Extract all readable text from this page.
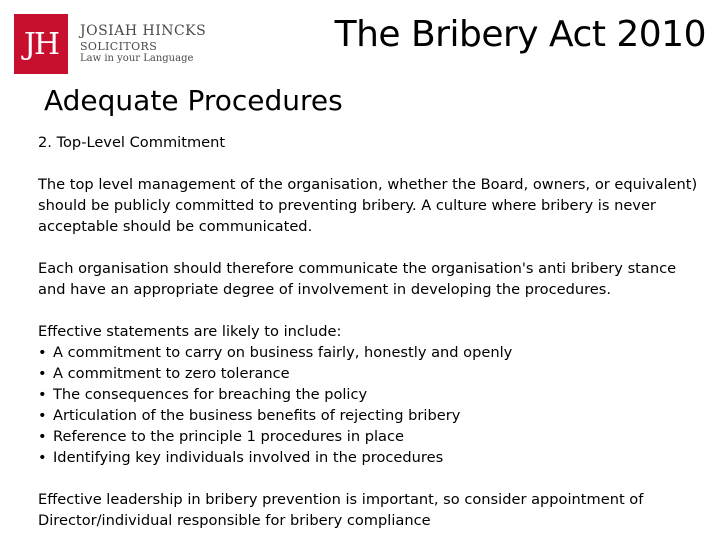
JH	JOSIAH HINCKS
SOLICITORS
Law in your Language
The Bribery Act 2010
Adequate Procedures

2. Top-Level Commitment

The top level management of the organisation, whether the Board, owners, or equivalent) should be publicly committed to preventing bribery. A culture where bribery is never acceptable should be communicated.

Each organisation should therefore communicate the organisation's anti bribery stance and have an appropriate degree of involvement in developing the procedures.

Effective statements are likely to include:

• A commitment to carry on business fairly, honestly and openly
• A commitment to zero tolerance
• The consequences for breaching the policy
• Articulation of the business benefits of rejecting bribery
• Reference to the principle 1 procedures in place
• Identifying key individuals involved in the procedures

Effective leadership in bribery prevention is important, so consider appointment of Director/individual responsible for bribery compliance
